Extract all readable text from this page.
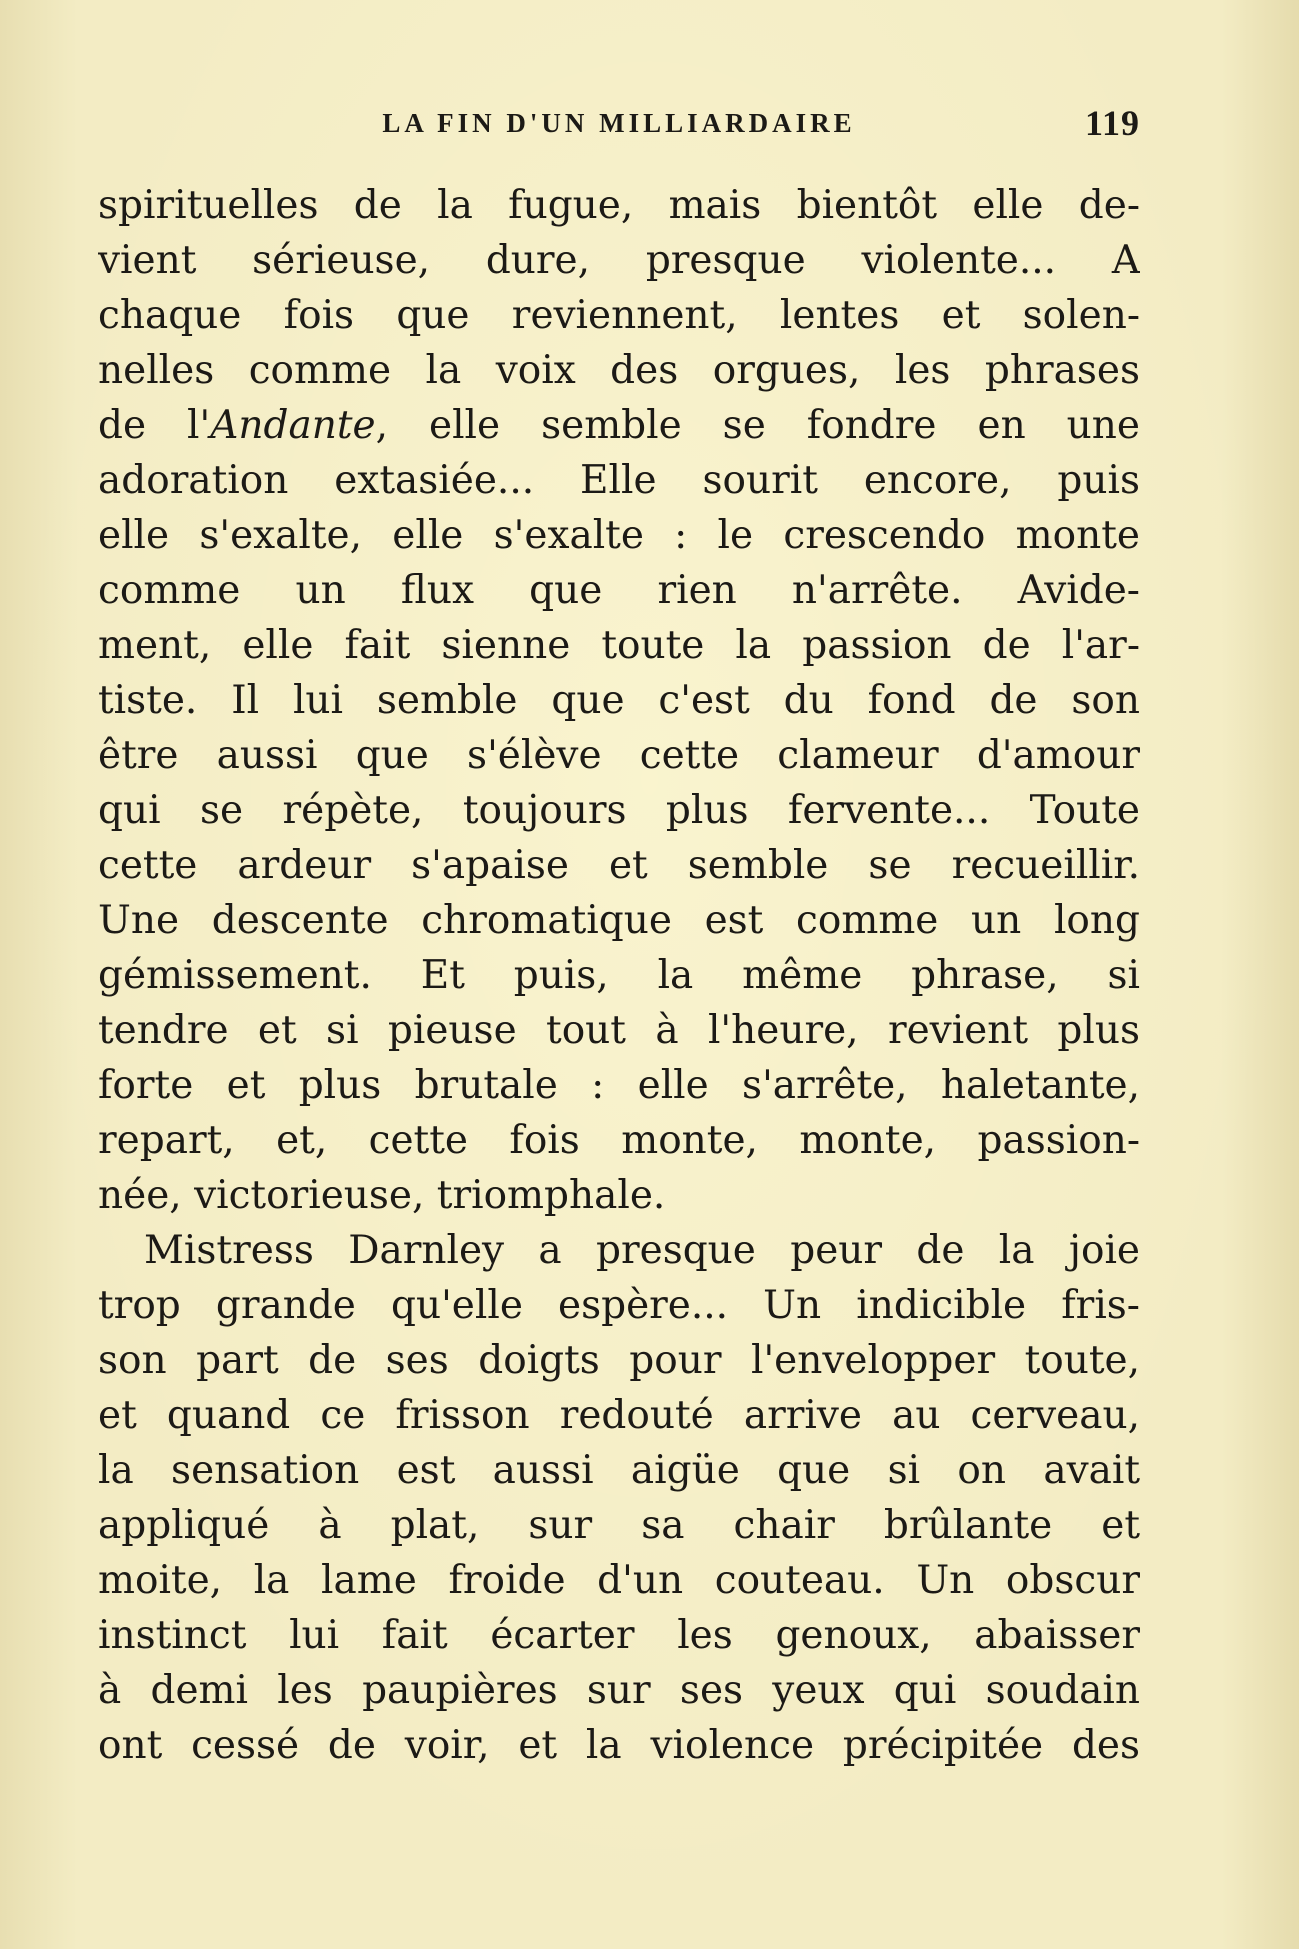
LA FIN D'UN MILLIARDAIRE	119
spirituelles de la fugue, mais bientôt elle de-
vient sérieuse, dure, presque violente... A
chaque fois que reviennent, lentes et solen-
nelles comme la voix des orgues, les phrases
de l'Andante, elle semble se fondre en une
adoration extasiée... Elle sourit encore, puis
elle s'exalte, elle s'exalte : le crescendo monte
comme un flux que rien n'arrête. Avide-
ment, elle fait sienne toute la passion de l'ar-
tiste. Il lui semble que c'est du fond de son
être aussi que s'élève cette clameur d'amour
qui se répète, toujours plus fervente... Toute
cette ardeur s'apaise et semble se recueillir.
Une descente chromatique est comme un long
gémissement. Et puis, la même phrase, si
tendre et si pieuse tout à l'heure, revient plus
forte et plus brutale : elle s'arrête, haletante,
repart, et, cette fois monte, monte, passion-
née, victorieuse, triomphale.
Mistress Darnley a presque peur de la joie
trop grande qu'elle espère... Un indicible fris-
son part de ses doigts pour l'envelopper toute,
et quand ce frisson redouté arrive au cerveau,
la sensation est aussi aigüe que si on avait
appliqué à plat, sur sa chair brûlante et
moite, la lame froide d'un couteau. Un obscur
instinct lui fait écarter les genoux, abaisser
à demi les paupières sur ses yeux qui soudain
ont cessé de voir, et la violence précipitée des
